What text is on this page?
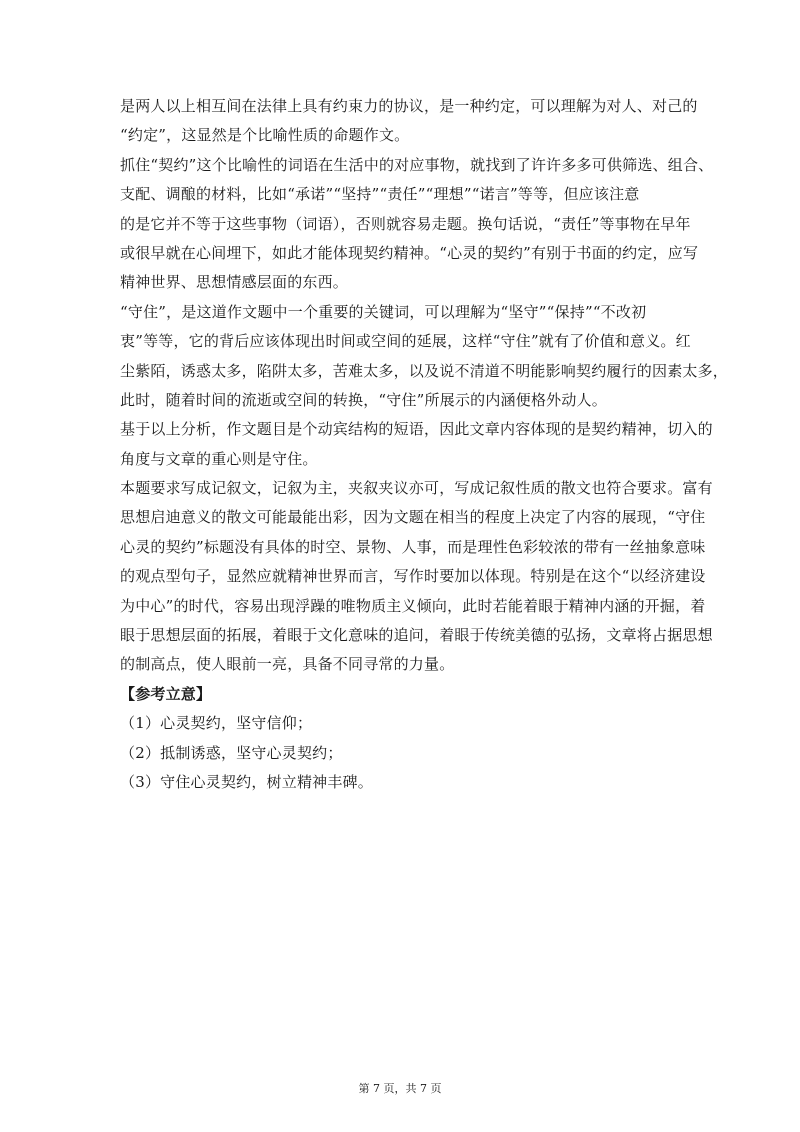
是两人以上相互间在法律上具有约束力的协议，是一种约定，可以理解为对人、对己的
“约定”，这显然是个比喻性质的命题作文。
抓住“契约”这个比喻性的词语在生活中的对应事物，就找到了许许多多可供筛选、组合、
支配、调酿的材料，比如“承诺”“坚持”“责任”“理想”“诺言”等等，但应该注意
的是它并不等于这些事物（词语），否则就容易走题。换句话说，“责任”等事物在早年
或很早就在心间埋下，如此才能体现契约精神。“心灵的契约”有别于书面的约定，应写
精神世界、思想情感层面的东西。
“守住”，是这道作文题中一个重要的关键词，可以理解为“坚守”“保持”“不改初
衷”等等，它的背后应该体现出时间或空间的延展，这样“守住”就有了价值和意义。红
尘紫陌，诱惑太多，陷阱太多，苦难太多，以及说不清道不明能影响契约履行的因素太多，
此时，随着时间的流逝或空间的转换，“守住”所展示的内涵便格外动人。
基于以上分析，作文题目是个动宾结构的短语，因此文章内容体现的是契约精神，切入的
角度与文章的重心则是守住。
本题要求写成记叙文，记叙为主，夹叙夹议亦可，写成记叙性质的散文也符合要求。富有
思想启迪意义的散文可能最能出彩，因为文题在相当的程度上决定了内容的展现，“守住
心灵的契约”标题没有具体的时空、景物、人事，而是理性色彩较浓的带有一丝抽象意味
的观点型句子，显然应就精神世界而言，写作时要加以体现。特别是在这个“以经济建设
为中心”的时代，容易出现浮躁的唯物质主义倾向，此时若能着眼于精神内涵的开掘，着
眼于思想层面的拓展，着眼于文化意味的追问，着眼于传统美德的弘扬，文章将占据思想
的制高点，使人眼前一亮，具备不同寻常的力量。
【参考立意】
（1）心灵契约，坚守信仰；
（2）抵制诱惑，坚守心灵契约；
（3）守住心灵契约，树立精神丰碑。
第 7 页，共 7 页
